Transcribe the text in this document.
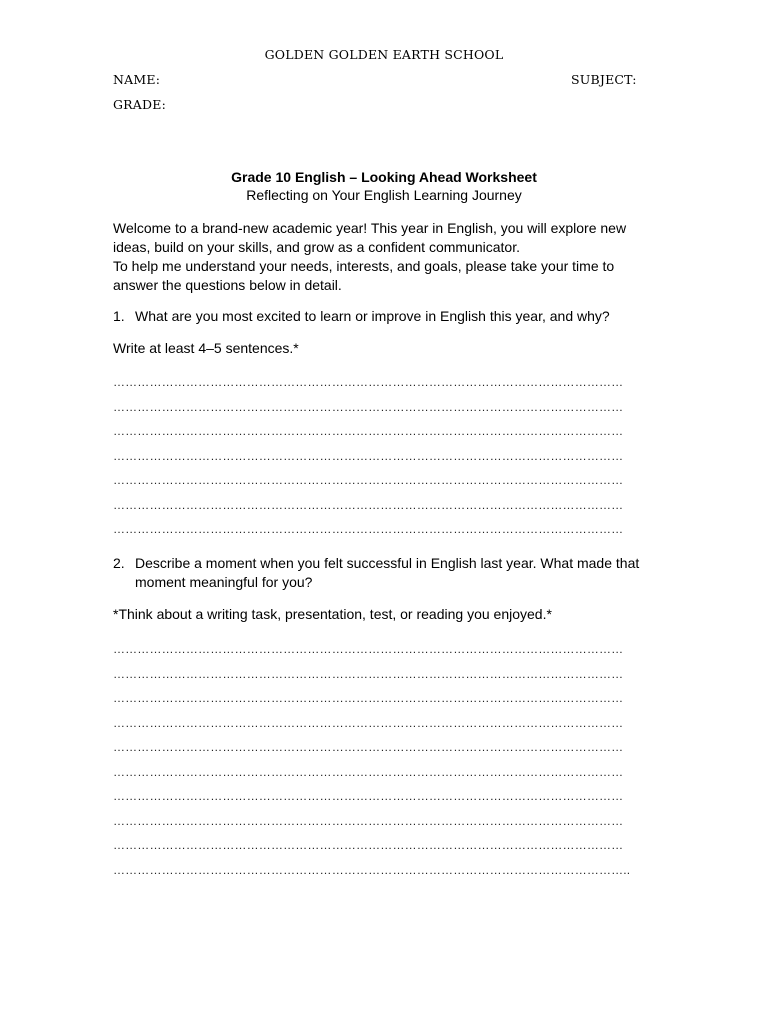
GOLDEN GOLDEN EARTH SCHOOL
NAME:	SUBJECT:
GRADE:
Grade 10 English – Looking Ahead Worksheet
Reflecting on Your English Learning Journey
Welcome to a brand-new academic year! This year in English, you will explore new
ideas, build on your skills, and grow as a confident communicator.
To help me understand your needs, interests, and goals, please take your time to
answer the questions below in detail.
1. What are you most excited to learn or improve in English this year, and why?
Write at least 4–5 sentences.*
………………………………………………………………………………………………………………
………………………………………………………………………………………………………………
………………………………………………………………………………………………………………
………………………………………………………………………………………………………………
………………………………………………………………………………………………………………
………………………………………………………………………………………………………………
………………………………………………………………………………………………………………
2. Describe a moment when you felt successful in English last year. What made that moment meaningful for you?
*Think about a writing task, presentation, test, or reading you enjoyed.*
………………………………………………………………………………………………………………
………………………………………………………………………………………………………………
………………………………………………………………………………………………………………
………………………………………………………………………………………………………………
………………………………………………………………………………………………………………
………………………………………………………………………………………………………………
………………………………………………………………………………………………………………
………………………………………………………………………………………………………………
………………………………………………………………………………………………………………
………………………………………………………………………………………………………………..
